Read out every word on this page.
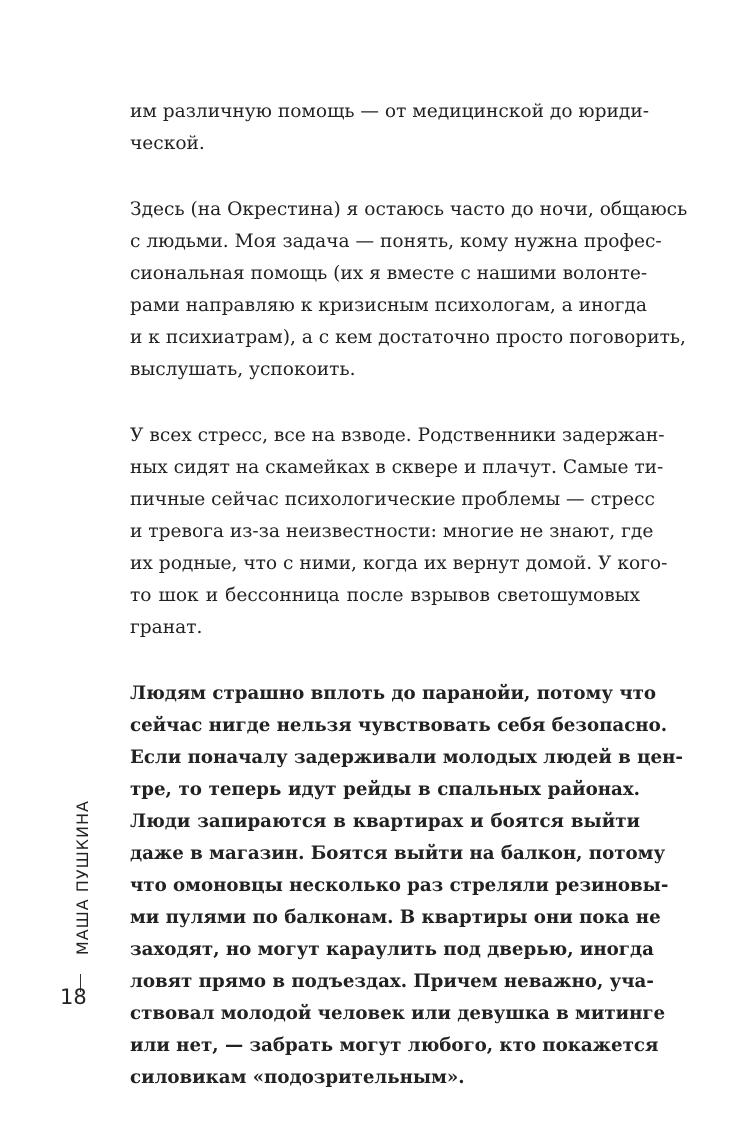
им различную помощь — от медицинской до юриди-
ческой.

Здесь (на Окрестина) я остаюсь часто до ночи, общаюсь
с людьми. Моя задача — понять, кому нужна профес-
сиональная помощь (их я вместе с нашими волонте-
рами направляю к кризисным психологам, а иногда
и к психиатрам), а с кем достаточно просто поговорить,
выслушать, успокоить.

У всех стресс, все на взводе. Родственники задержан-
ных сидят на скамейках в сквере и плачут. Самые ти-
пичные сейчас психологические проблемы — стресс
и тревога из-за неизвестности: многие не знают, где
их родные, что с ними, когда их вернут домой. У кого-
то шок и бессонница после взрывов светошумовых
гранат.

Людям страшно вплоть до паранойи, потому что
сейчас нигде нельзя чувствовать себя безопасно.
Если поначалу задерживали молодых людей в цен-
тре, то теперь идут рейды в спальных районах.
Люди запираются в квартирах и боятся выйти
даже в магазин. Боятся выйти на балкон, потому
что омоновцы несколько раз стреляли резиновы-
ми пулями по балконам. В квартиры они пока не
заходят, но могут караулить под дверью, иногда
ловят прямо в подъездах. Причем неважно, уча-
ствовал молодой человек или девушка в митинге
или нет, — забрать могут любого, кто покажется
силовикам «подозрительным».

МАША ПУШКИНА
18
